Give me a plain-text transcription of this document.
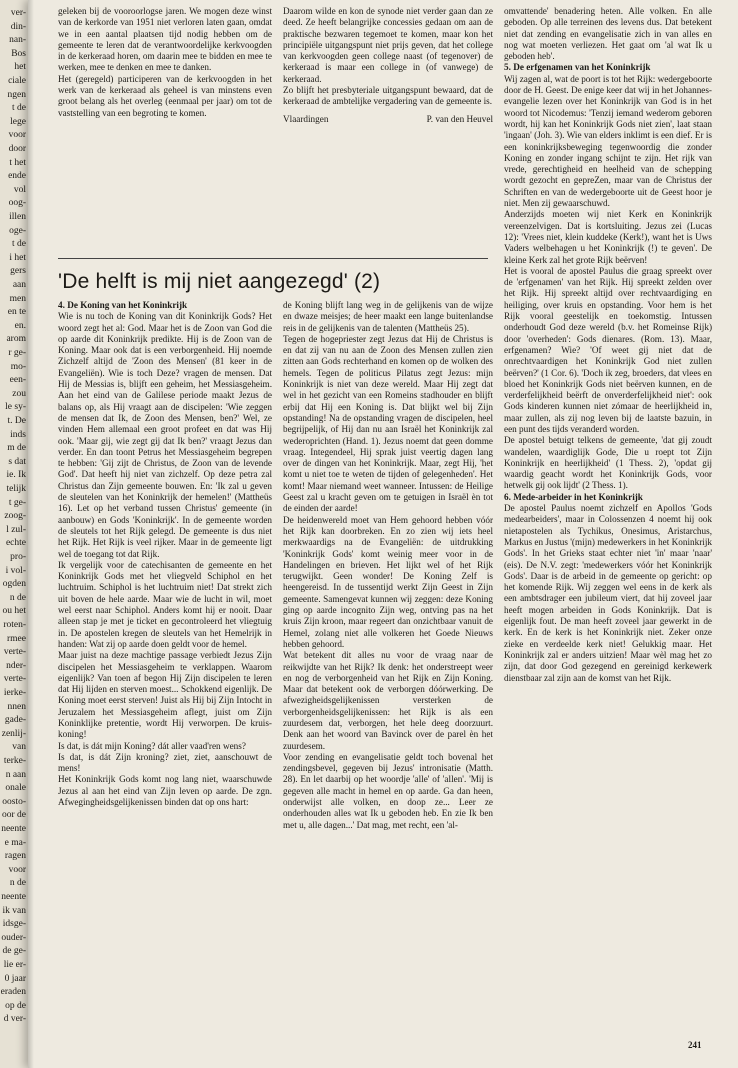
ver-
din-
nan-
Bos
het
ciale
ngen
t de
lege
voor
door
t het
ende
vol
oog-
illen
oge-
t de
i het
gers
aan
men
en te
en.
arom
r ge-
mo-
een-
zou
le sy-
t. De
inds
m de
s dat
ie. Ik
telijk
t ge-
zoog-
l zul-
echte
pro-
i vol-
ogden
n de
ou het
roten-
rmee
verte-
nder-
verte-
ierke-
nnen
gade-
zenlij-
van
terke-
n aan
onale
oosto-
oor de
neente
e ma-
ragen
voor
n de
neente
ik van
idsge-
ouder-
de ge-
lie er-
0 jaar
eraden
op de
d ver-

geleken bij de vooroorlogse jaren. We mogen deze winst van de kerkorde van 1951 niet verloren laten gaan, omdat we in een aantal plaatsen tijd nodig hebben om de gemeente te leren dat de verantwoordelijke kerkvoogden in de kerkeraad horen, om daarin mee te bidden en mee te werken, mee te denken en mee te danken.

Het (geregeld) participeren van de kerkvoogden in het werk van de kerkeraad als geheel is van minstens even groot belang als het overleg (eenmaal per jaar) om tot de vaststelling van een begroting te komen.

Daarom wilde en kon de synode niet verder gaan dan ze deed. Ze heeft belangrijke concessies gedaan om aan de praktische bezwaren tegemoet te komen, maar kon het principiële uitgangspunt niet prijs geven, dat het college van kerkvoogden geen college naast (of tegenover) de kerkeraad is maar een college in (of vanwege) de kerkeraad.

Zo blijft het presbyteriale uitgangspunt bewaard, dat de kerkeraad de ambtelijke vergadering van de gemeente is.

Vlaardingen	P. van den Heuvel
'De helft is mij niet aangezegd' (2)

4. De Koning van het Koninkrijk

Wie is nu toch de Koning van dit Koninkrijk Gods? Het woord zegt het al: God. Maar het is de Zoon van God die op aarde dit Koninkrijk predikte. Hij is de Zoon van de Koning. Maar ook dat is een verborgenheid. Hij noemde Zichzelf altijd de 'Zoon des Mensen' (81 keer in de Evangeliën). Wie is toch Deze? vragen de mensen. Dat Hij de Messias is, blijft een geheim, het Messiasgeheim. Aan het eind van de Galilese periode maakt Jezus de balans op, als Hij vraagt aan de discipelen: 'Wie zeggen de mensen dat Ik, de Zoon des Mensen, ben?' Wel, ze vinden Hem allemaal een groot profeet en dat was Hij ook. 'Maar gij, wie zegt gij dat Ik ben?' vraagt Jezus dan verder. En dan toont Petrus het Messiasgeheim begrepen te hebben: 'Gij zijt de Christus, de Zoon van de levende God'. Dat heeft hij niet van zichzelf. Op deze petra zal Christus dan Zijn gemeente bouwen. En: 'Ik zal u geven de sleutelen van het Koninkrijk der hemelen!' (Mattheüs 16). Let op het verband tussen Christus' gemeente (in aanbouw) en Gods 'Koninkrijk'. In de gemeente worden de sleutels tot het Rijk gelegd. De gemeente is dus niet het Rijk. Het Rijk is veel rijker. Maar in de gemeente ligt wel de toegang tot dat Rijk.

Ik vergelijk voor de catechisanten de gemeente en het Koninkrijk Gods met het vliegveld Schiphol en het luchtruim. Schiphol is het luchtruim niet! Dat strekt zich uit boven de hele aarde. Maar wie de lucht in wil, moet wel eerst naar Schiphol. Anders komt hij er nooit. Daar alleen stap je met je ticket en gecontroleerd het vliegtuig in. De apostelen kregen de sleutels van het Hemelrijk in handen: Wat zij op aarde doen geldt voor de hemel.

Maar juist na deze machtige passage verbiedt Jezus Zijn discipelen het Messiasgeheim te verklappen. Waarom eigenlijk? Van toen af begon Hij Zijn discipelen te leren dat Hij lijden en sterven moest... Schokkend eigenlijk. De Koning moet eerst sterven! Juist als Hij bij Zijn Intocht in Jeruzalem het Messiasgeheim aflegt, juist om Zijn Koninklijke pretentie, wordt Hij verworpen. De kruis-koning!

Is dat, is dát mijn Koning? dát aller vaad'ren wens?

Is dat, is dát Zijn kroning? ziet, ziet, aanschouwt de mens!

Het Koninkrijk Gods komt nog lang niet, waarschuwde Jezus al aan het eind van Zijn leven op aarde. De zgn. Afwegingheidsgelijkenissen binden dat op ons hart:

de Koning blijft lang weg in de gelijkenis van de wijze en dwaze meisjes; de heer maakt een lange buitenlandse reis in de gelijkenis van de talenten (Mattheüs 25).

Tegen de hogepriester zegt Jezus dat Hij de Christus is en dat zij van nu aan de Zoon des Mensen zullen zien zitten aan Gods rechterhand en komen op de wolken des hemels. Tegen de politicus Pilatus zegt Jezus: mijn Koninkrijk is niet van deze wereld. Maar Hij zegt dat wel in het gezicht van een Romeins stadhouder en blijft erbij dat Hij een Koning is. Dat blijkt wel bij Zijn opstanding! Na de opstanding vragen de discipelen, heel begrijpelijk, of Hij dan nu aan Israël het Koninkrijk zal wederoprichten (Hand. 1). Jezus noemt dat geen domme vraag. Integendeel, Hij sprak juist veertig dagen lang over de dingen van het Koninkrijk. Maar, zegt Hij, 'het komt u niet toe te weten de tijden of gelegenheden'. Het komt! Maar niemand weet wanneer. Intussen: de Heilige Geest zal u kracht geven om te getuigen in Israël èn tot de einden der aarde!

De heidenwereld moet van Hem gehoord hebben vóór het Rijk kan doorbreken. En zo zien wij iets heel merkwaardigs na de Evangeliën: de uitdrukking 'Koninkrijk Gods' komt weinig meer voor in de Handelingen en brieven. Het lijkt wel of het Rijk terugwijkt. Geen wonder! De Koning Zelf is heengereisd. In de tussentijd werkt Zijn Geest in Zijn gemeente. Samengevat kunnen wij zeggen: deze Koning ging op aarde incognito Zijn weg, ontving pas na het kruis Zijn kroon, maar regeert dan onzichtbaar vanuit de Hemel, zolang niet alle volkeren het Goede Nieuws hebben gehoord.

Wat betekent dit alles nu voor de vraag naar de reikwijdte van het Rijk? Ik denk: het onderstreept weer en nog de verborgenheid van het Rijk en Zijn Koning. Maar dat betekent ook de verborgen dóórwerking. De afwezigheidsgelijkenissen versterken de verborgenheidsgelijkenissen: het Rijk is als een zuurdesem dat, verborgen, het hele deeg doorzuurt. Denk aan het woord van Bavinck over de parel èn het zuurdesem.

Voor zending en evangelisatie geldt toch bovenal het zendingsbevel, gegeven bij Jezus' intronisatie (Matth. 28). En let daarbij op het woordje 'alle' of 'allen'. 'Mij is gegeven alle macht in hemel en op aarde. Ga dan heen, onderwijst alle volken, en doop ze... Leer ze onderhouden alles wat Ik u geboden heb. En zie Ik ben met u, alle dagen...' Dat mag, met recht, een 'al-

omvattende' benadering heten. Alle volken. En alle geboden. Op alle terreinen des levens dus. Dat betekent niet dat zending en evangelisatie zich in van alles en nog wat moeten verliezen. Het gaat om 'al wat Ik u geboden heb'.

5. De erfgenamen van het Koninkrijk

Wij zagen al, wat de poort is tot het Rijk: wedergeboorte door de H. Geest. De enige keer dat wij in het Johannes-evangelie lezen over het Koninkrijk van God is in het woord tot Nicodemus: 'Tenzij iemand wederom geboren wordt, hij kan het Koninkrijk Gods niet zien', laat staan 'ingaan' (Joh. 3). Wie van elders inklimt is een dief. Er is een koninkrijksbeweging tegenwoordig die zonder Koning en zonder ingang schijnt te zijn. Het rijk van vrede, gerechtigheid en heelheid van de schepping wordt gezocht en gepreZen, maar van de Christus der Schriften en van de wedergeboorte uit de Geest hoor je niet. Men zij gewaarschuwd.

Anderzijds moeten wij niet Kerk en Koninkrijk vereenzelvigen. Dat is kortsluiting. Jezus zei (Lucas 12): 'Vrees niet, klein kuddeke (Kerk!), want het is Uws Vaders welbehagen u het Koninkrijk (!) te geven'. De kleine Kerk zal het grote Rijk beërven!

Het is vooral de apostel Paulus die graag spreekt over de 'erfgenamen' van het Rijk. Hij spreekt zelden over het Rijk. Hij spreekt altijd over rechtvaardiging en heiliging, over kruis en opstanding. Voor hem is het Rijk vooral geestelijk en toekomstig. Intussen onderhoudt God deze wereld (b.v. het Romeinse Rijk) door 'overheden': Gods dienares. (Rom. 13). Maar, erfgenamen? Wie? 'Of weet gij niet dat de onrechtvaardigen het Koninkrijk God niet zullen beërven?' (1 Cor. 6). 'Doch ik zeg, broeders, dat vlees en bloed het Koninkrijk Gods niet beërven kunnen, en de verderfelijkheid beërft de onverderfelijkheid niet': ook Gods kinderen kunnen niet zómaar de heerlijkheid in, maar zullen, als zij nog leven bij de laatste bazuin, in een punt des tijds veranderd worden.

De apostel betuigt telkens de gemeente, 'dat gij zoudt wandelen, waardiglijk Gode, Die u roept tot Zijn Koninkrijk en heerlijkheid' (1 Thess. 2), 'opdat gij waardig geacht wordt het Koninkrijk Gods, voor hetwelk gij ook lijdt' (2 Thess. 1).

6. Mede-arbeider in het Koninkrijk

De apostel Paulus noemt zichzelf en Apollos 'Gods medearbeiders', maar in Colossenzen 4 noemt hij ook nietapostelen als Tychikus, Onesimus, Aristarchus, Markus en Justus '(mijn) medewerkers in het Koninkrijk Gods'. In het Grieks staat echter niet 'in' maar 'naar' (eis). De N.V. zegt: 'medewerkers vóór het Koninkrijk Gods'. Daar is de arbeid in de gemeente op gericht: op het komende Rijk. Wij zeggen wel eens in de kerk als een ambtsdrager een jubileum viert, dat hij zoveel jaar heeft mogen arbeiden in Gods Koninkrijk. Dat is eigenlijk fout. De man heeft zoveel jaar gewerkt in de kerk. En de kerk is het Koninkrijk niet. Zeker onze zieke en verdeelde kerk niet! Gelukkig maar. Het Koninkrijk zal er anders uitzien! Maar wèl mag het zo zijn, dat door God gezegend en gereinigd kerkewerk dienstbaar zal zijn aan de komst van het Rijk.

241
